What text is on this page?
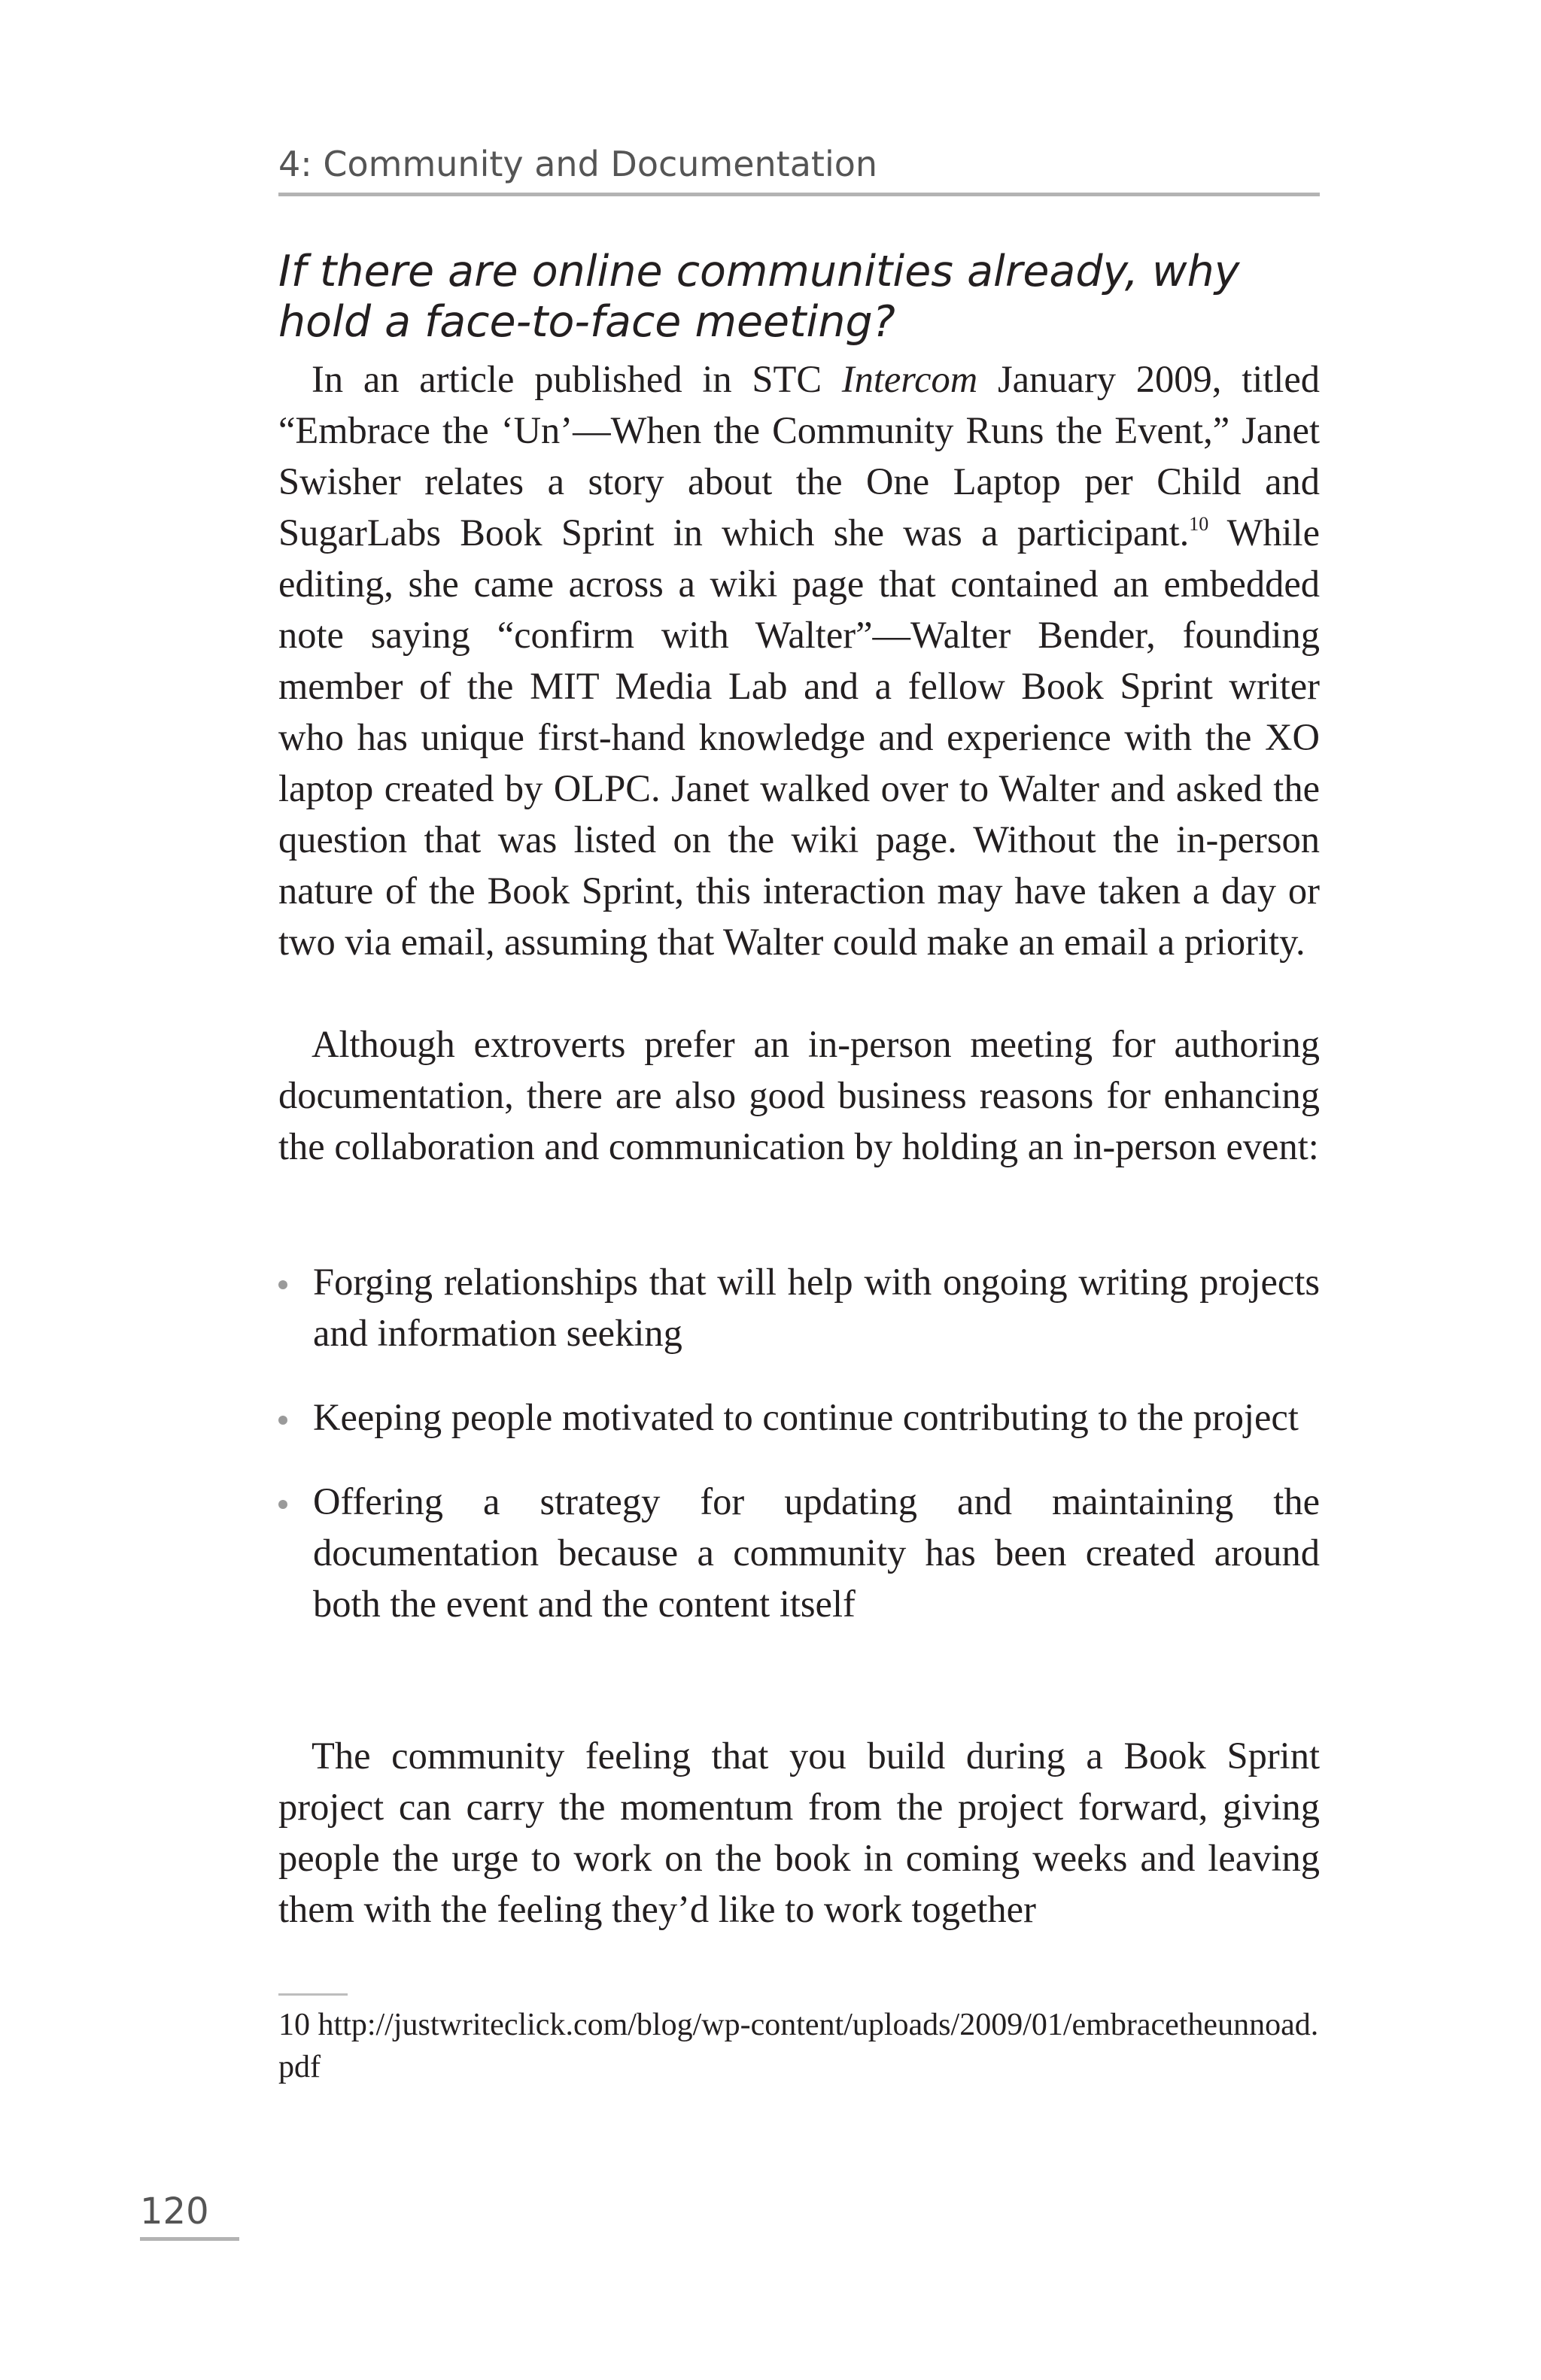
4: Community and Documentation
If there are online communities already, why hold a face-to-face meeting?

In an article published in STC Intercom January 2009, titled “Embrace the ‘Un’—When the Community Runs the Event,” Janet Swisher relates a story about the One Laptop per Child and SugarLabs Book Sprint in which she was a participant.$^{10}$ While editing, she came across a wiki page that contained an embedded note saying “confirm with Walter”—Walter Bender, founding member of the MIT Media Lab and a fellow Book Sprint writer who has unique first-hand knowledge and experience with the XO laptop created by OLPC. Janet walked over to Walter and asked the question that was listed on the wiki page. Without the in-person nature of the Book Sprint, this interaction may have taken a day or two via email, assuming that Walter could make an email a priority.

Although extroverts prefer an in-person meeting for authoring documentation, there are also good business reasons for enhancing the collaboration and communication by holding an in-person event:

Forging relationships that will help with ongoing writing projects and information seeking
Keeping people motivated to continue contributing to the project
Offering a strategy for updating and maintaining the documentation because a community has been created around both the event and the content itself

The community feeling that you build during a Book Sprint project can carry the momentum from the project forward, giving people the urge to work on the book in coming weeks and leaving them with the feeling they’d like to work together

10 http://justwriteclick.com/blog/wp-content/uploads/2009/01/embracetheunnoad.pdf
120
